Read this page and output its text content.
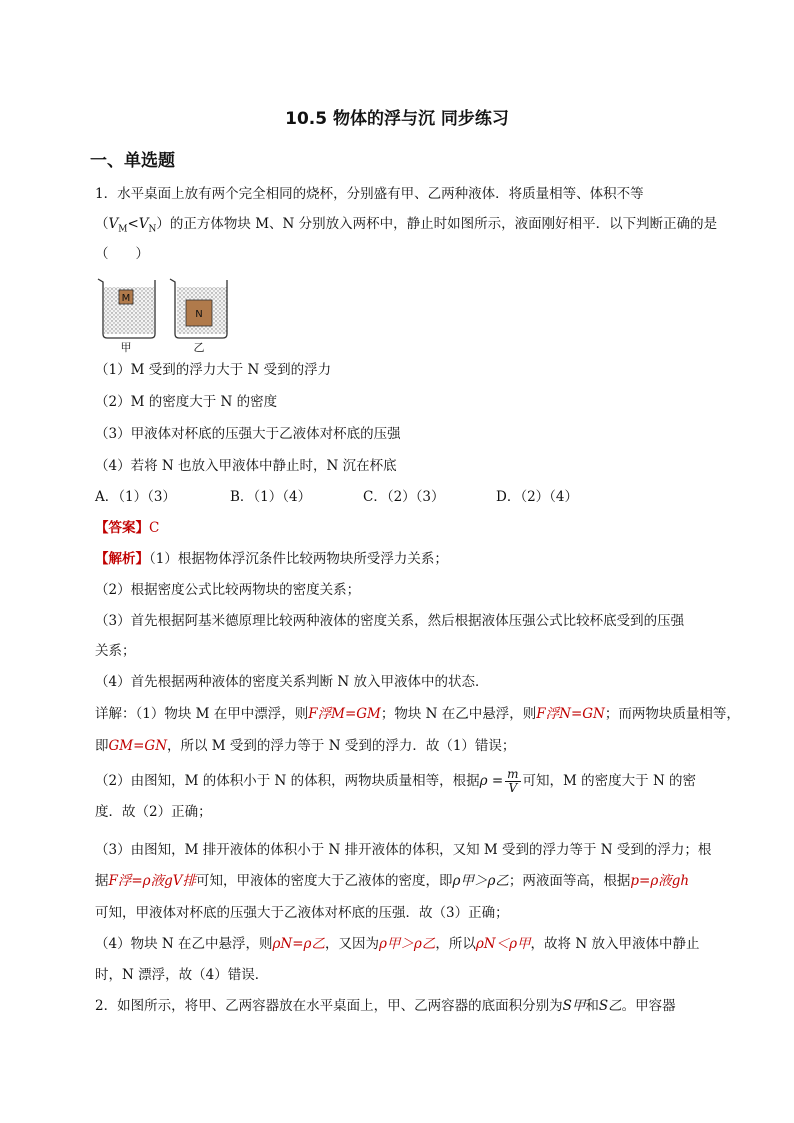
10.5 物体的浮与沉 同步练习
一、单选题
1．水平桌面上放有两个完全相同的烧杯，分别盛有甲、乙两种液体．将质量相等、体积不等
$(V_M<V_N)$的正方体物块 M、N 分别放入两杯中，静止时如图所示，液面刚好相平．以下判断正确的是
（　　）
M
N
甲	乙
（1）M 受到的浮力大于 N 受到的浮力
（2）M 的密度大于 N 的密度
（3）甲液体对杯底的压强大于乙液体对杯底的压强
（4）若将 N 也放入甲液体中静止时，N 沉在杯底
A．（1）（3）	B．（1）（4）	C．（2）（3）	D．（2）（4）
【答案】C
【解析】（1）根据物体浮沉条件比较两物块所受浮力关系；
（2）根据密度公式比较两物块的密度关系；
（3）首先根据阿基米德原理比较两种液体的密度关系，然后根据液体压强公式比较杯底受到的压强
关系；
（4）首先根据两种液体的密度关系判断 N 放入甲液体中的状态．
详解：（1）物块 M 在甲中漂浮，则F浮M=GM；物块 N 在乙中悬浮，则F浮N=GN；而两物块质量相等，
即GM=GN，所以 M 受到的浮力等于 N 受到的浮力．故（1）错误；
（2）由图知，M 的体积小于 N 的体积，两物块质量相等，根据$\rho = \frac{m}{V}$ 可知，M 的密度大于 N 的密
度．故（2）正确；
（3）由图知，M 排开液体的体积小于 N 排开液体的体积，又知 M 受到的浮力等于 N 受到的浮力；根
据F浮=ρ液gV排可知，甲液体的密度大于乙液体的密度，即ρ甲＞ρ乙；两液面等高，根据p=ρ液gh
可知，甲液体对杯底的压强大于乙液体对杯底的压强．故（3）正确；
（4）物块 N 在乙中悬浮，则ρN=ρ乙，又因为ρ甲＞ρ乙，所以ρN＜ρ甲，故将 N 放入甲液体中静止
时，N 漂浮，故（4）错误．
2．如图所示，将甲、乙两容器放在水平桌面上，甲、乙两容器的底面积分别为S甲和S乙。甲容器
